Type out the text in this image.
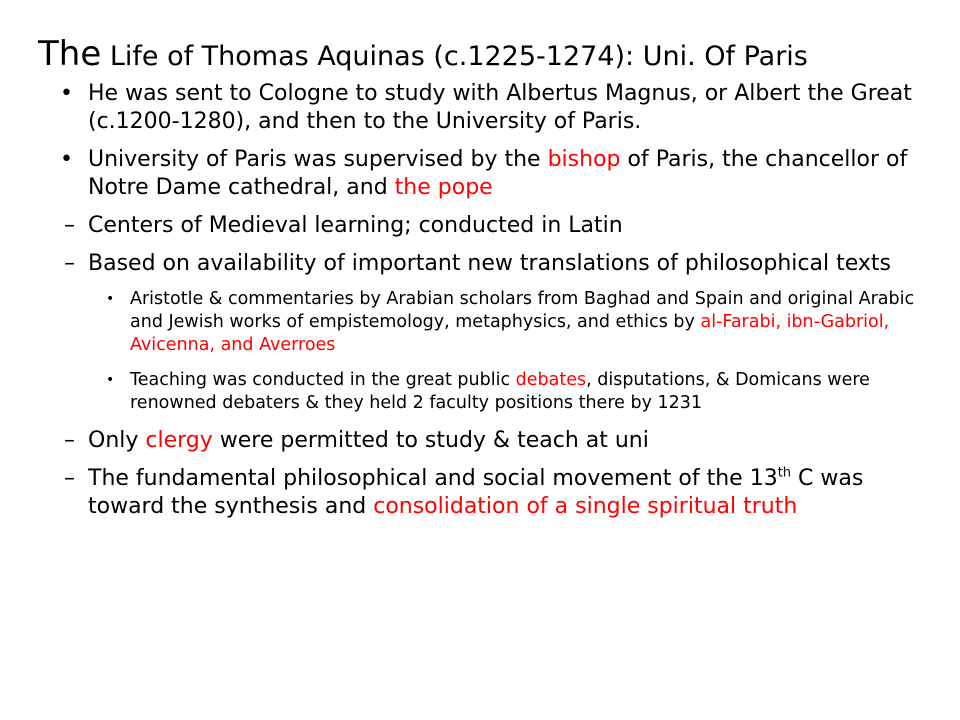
The Life of Thomas Aquinas (c.1225-1274): Uni. Of Paris

• He was sent to Cologne to study with Albertus Magnus, or Albert the Great (c.1200-1280), and then to the University of Paris.

• University of Paris was supervised by the bishop of Paris, the chancellor of Notre Dame cathedral, and the pope

– Centers of Medieval learning; conducted in Latin

– Based on availability of important new translations of philosophical texts

• Aristotle & commentaries by Arabian scholars from Baghad and Spain and original Arabic and Jewish works of empistemology, metaphysics, and ethics by al-Farabi, ibn-Gabriol, Avicenna, and Averroes

• Teaching was conducted in the great public debates, disputations, & Domicans were renowned debaters & they held 2 faculty positions there by 1231

– Only clergy were permitted to study & teach at uni

– The fundamental philosophical and social movement of the 13th C was toward the synthesis and consolidation of a single spiritual truth
